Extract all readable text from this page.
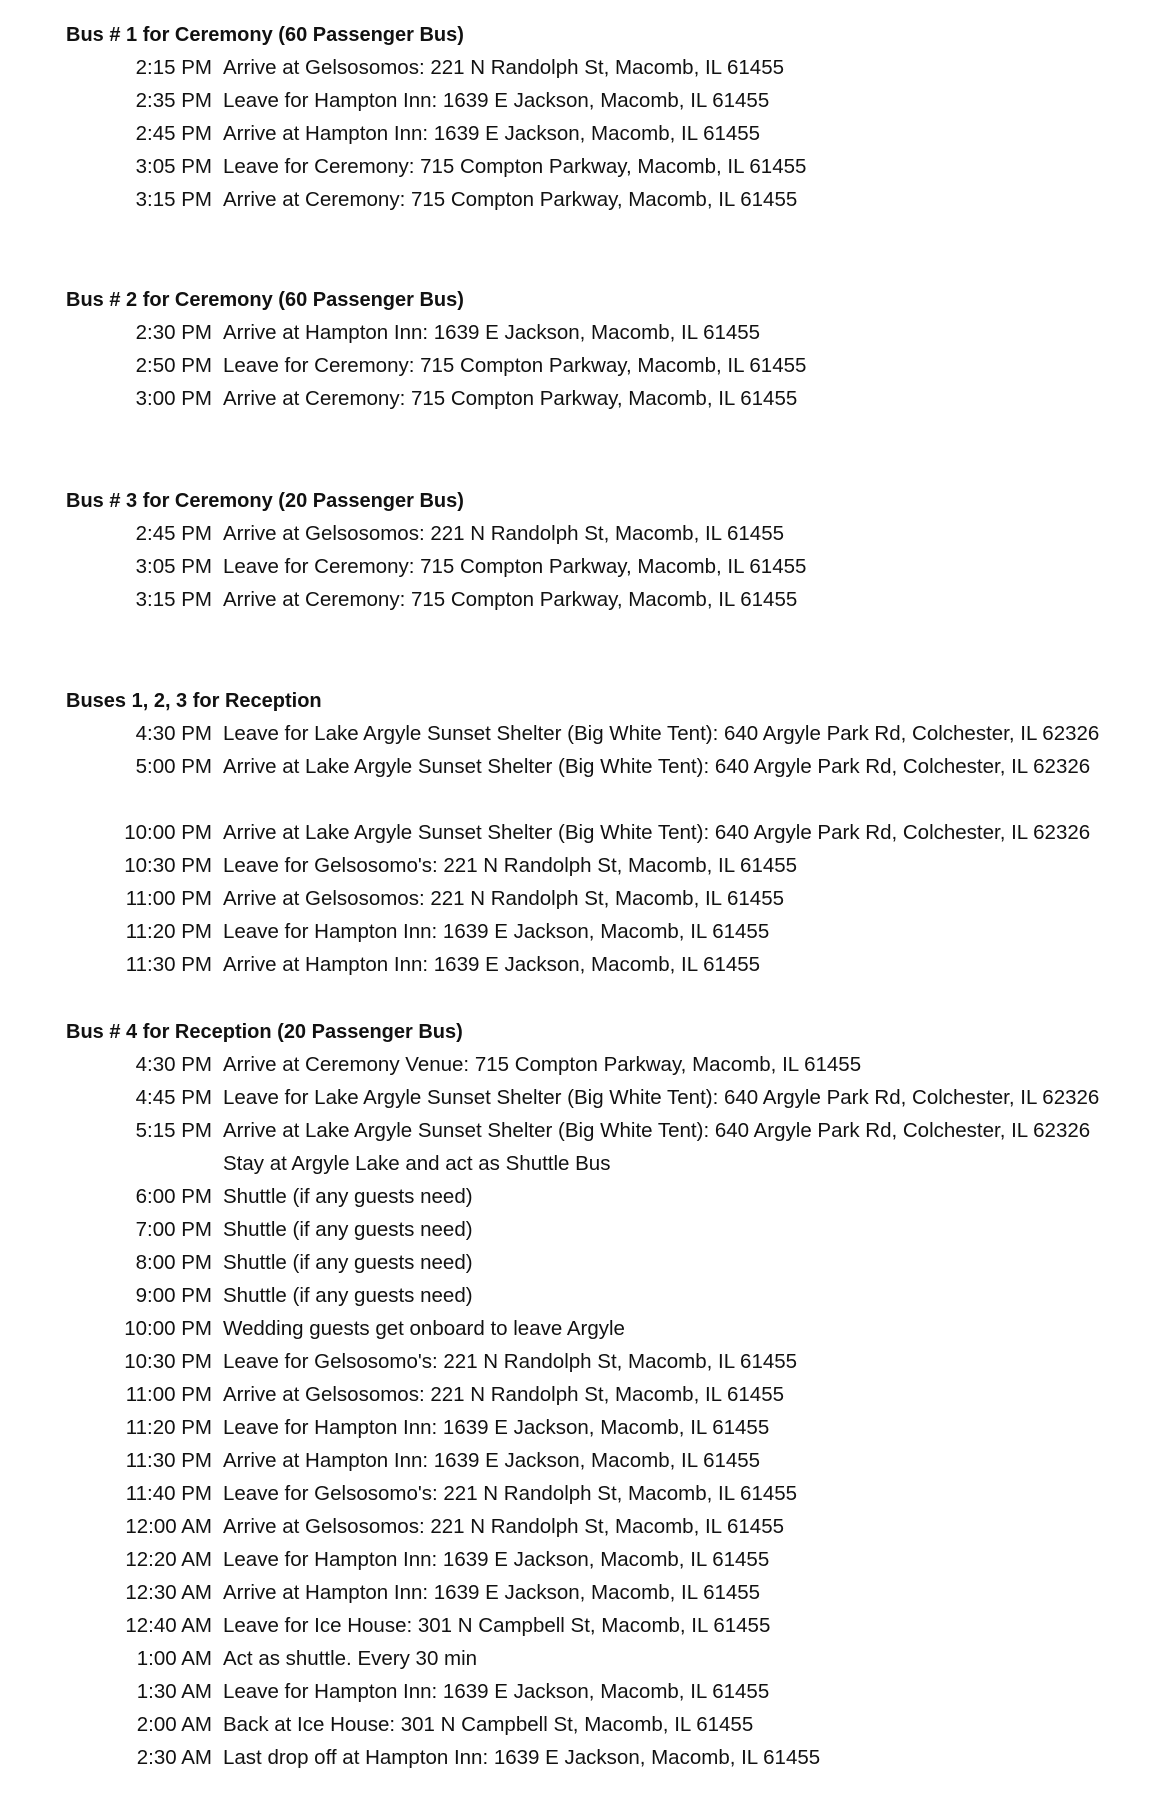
Bus # 1 for Ceremony (60 Passenger Bus)
2:15 PM Arrive at Gelsosomos: 221 N Randolph St, Macomb, IL 61455
2:35 PM Leave for Hampton Inn: 1639 E Jackson, Macomb, IL 61455
2:45 PM Arrive at Hampton Inn: 1639 E Jackson, Macomb, IL 61455
3:05 PM Leave for Ceremony: 715 Compton Parkway, Macomb, IL 61455
3:15 PM Arrive at Ceremony: 715 Compton Parkway, Macomb, IL 61455
Bus # 2 for Ceremony (60 Passenger Bus)
2:30 PM Arrive at Hampton Inn: 1639 E Jackson, Macomb, IL 61455
2:50 PM Leave for Ceremony: 715 Compton Parkway, Macomb, IL 61455
3:00 PM Arrive at Ceremony: 715 Compton Parkway, Macomb, IL 61455
Bus # 3 for Ceremony (20 Passenger Bus)
2:45 PM Arrive at Gelsosomos: 221 N Randolph St, Macomb, IL 61455
3:05 PM Leave for Ceremony: 715 Compton Parkway, Macomb, IL 61455
3:15 PM Arrive at Ceremony: 715 Compton Parkway, Macomb, IL 61455
Buses 1, 2, 3 for Reception
4:30 PM Leave for Lake Argyle Sunset Shelter (Big White Tent): 640 Argyle Park Rd, Colchester, IL 62326
5:00 PM Arrive at Lake Argyle Sunset Shelter (Big White Tent): 640 Argyle Park Rd, Colchester, IL 62326
10:00 PM Arrive at Lake Argyle Sunset Shelter (Big White Tent): 640 Argyle Park Rd, Colchester, IL 62326
10:30 PM Leave for Gelsosomo's: 221 N Randolph St, Macomb, IL 61455
11:00 PM Arrive at Gelsosomos: 221 N Randolph St, Macomb, IL 61455
11:20 PM Leave for Hampton Inn: 1639 E Jackson, Macomb, IL 61455
11:30 PM Arrive at Hampton Inn: 1639 E Jackson, Macomb, IL 61455
Bus # 4 for Reception (20 Passenger Bus)
4:30 PM Arrive at Ceremony Venue: 715 Compton Parkway, Macomb, IL 61455
4:45 PM Leave for Lake Argyle Sunset Shelter (Big White Tent): 640 Argyle Park Rd, Colchester, IL 62326
5:15 PM Arrive at Lake Argyle Sunset Shelter (Big White Tent): 640 Argyle Park Rd, Colchester, IL 62326
Stay at Argyle Lake and act as Shuttle Bus
6:00 PM Shuttle (if any guests need)
7:00 PM Shuttle (if any guests need)
8:00 PM Shuttle (if any guests need)
9:00 PM Shuttle (if any guests need)
10:00 PM Wedding guests get onboard to leave Argyle
10:30 PM Leave for Gelsosomo's: 221 N Randolph St, Macomb, IL 61455
11:00 PM Arrive at Gelsosomos: 221 N Randolph St, Macomb, IL 61455
11:20 PM Leave for Hampton Inn: 1639 E Jackson, Macomb, IL 61455
11:30 PM Arrive at Hampton Inn: 1639 E Jackson, Macomb, IL 61455
11:40 PM Leave for Gelsosomo's: 221 N Randolph St, Macomb, IL 61455
12:00 AM Arrive at Gelsosomos: 221 N Randolph St, Macomb, IL 61455
12:20 AM Leave for Hampton Inn: 1639 E Jackson, Macomb, IL 61455
12:30 AM Arrive at Hampton Inn: 1639 E Jackson, Macomb, IL 61455
12:40 AM Leave for Ice House: 301 N Campbell St, Macomb, IL 61455
1:00 AM Act as shuttle. Every 30 min
1:30 AM Leave for Hampton Inn: 1639 E Jackson, Macomb, IL 61455
2:00 AM Back at Ice House: 301 N Campbell St, Macomb, IL 61455
2:30 AM Last drop off at Hampton Inn: 1639 E Jackson, Macomb, IL 61455
